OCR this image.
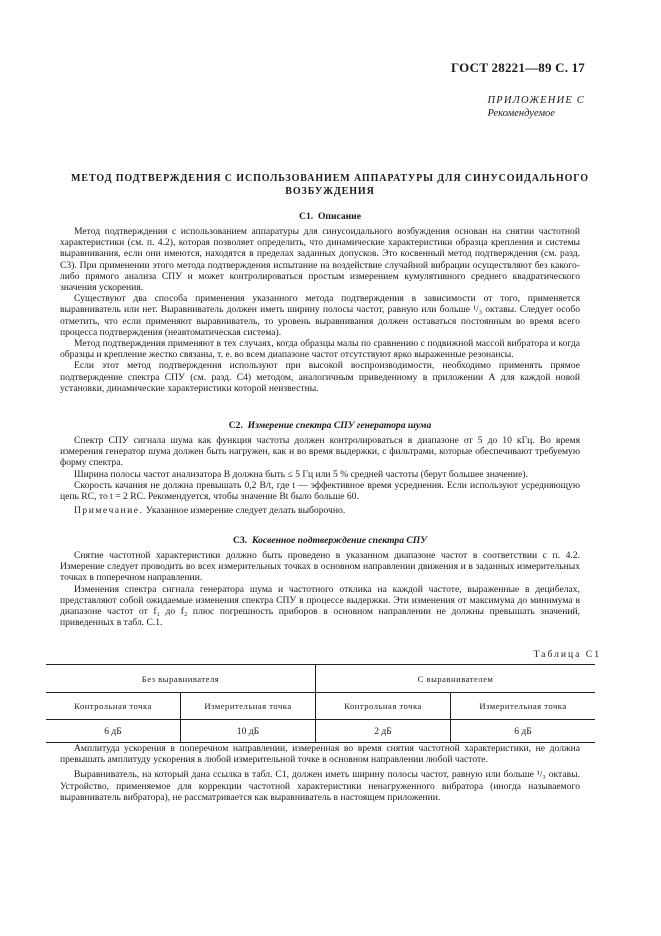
ГОСТ 28221—89 С. 17
ПРИЛОЖЕНИЕ С
Рекомендуемое
МЕТОД ПОДТВЕРЖДЕНИЯ С ИСПОЛЬЗОВАНИЕМ АППАРАТУРЫ ДЛЯ СИНУСОИДАЛЬНОГО
ВОЗБУЖДЕНИЯ
С1. Описание

Метод подтверждения с использованием аппаратуры для синусоидального возбуждения основан на снятии частотной характеристики (см. п. 4.2), которая позволяет определить, что динамические характеристики образца крепления и системы выравнивания, если они имеются, находятся в пределах заданных допусков. Это косвенный метод подтверждения (см. разд. С3). При применении этого метода подтверждения испытание на воздействие случайной вибрации осуществляют без какого-либо прямого анализа СПУ и может контролироваться простым измерением кумулятивного среднего квадратического значения ускорения.

Существуют два способа применения указанного метода подтверждения в зависимости от того, применяется выравниватель или нет. Выравниватель должен иметь ширину полосы частот, равную или больше ¹/₃ октавы. Следует особо отметить, что если применяют выравниватель, то уровень выравнивания должен оставаться постоянным во время всего процесса подтверждения (неавтоматическая система).

Метод подтверждения применяют в тех случаях, когда образцы малы по сравнению с подвижной массой вибратора и когда образцы и крепление жестко связаны, т. е. во всем диапазоне частот отсутствуют ярко выраженные резонансы.

Если этот метод подтверждения используют при высокой воспроизводимости, необходимо применять прямое подтверждение спектра СПУ (см. разд. С4) методом, аналогичным приведенному в приложении А для каждой новой установки, динамические характеристики которой неизвестны.

С2. Измерение спектра СПУ генератора шума

Спектр СПУ сигнала шума как функция частоты должен контролироваться в диапазоне от 5 до 10 кГц. Во время измерения генератор шума должен быть нагружен, как и во время выдержки, с фильтрами, которые обеспечивают требуемую форму спектра.

Ширина полосы частот анализатора B должна быть ≤ 5 Гц или 5 % средней частоты (берут большее значение).

Скорость качания не должна превышать 0,2 B/t, где t — эффективное время усреднения. Если используют усредняющую цепь RC, то t = 2 RC. Рекомендуется, чтобы значение Bt было больше 60.

Примечание. Указанное измерение следует делать выборочно.

С3. Косвенное подтверждение спектра СПУ

Снятие частотной характеристики должно быть проведено в указанном диапазоне частот в соответствии с п. 4.2. Измерение следует проводить во всех измерительных точках в основном направлении движения и в заданных измерительных точках в поперечном направлении.

Изменения спектра сигнала генератора шума и частотного отклика на каждой частоте, выраженные в децибелах, представляют собой ожидаемые изменения спектра СПУ в процессе выдержки. Эти изменения от максимума до минимума в диапазоне частот от f₁ до f₂ плюс погрешность приборов в основном направлении не должны превышать значений, приведенных в табл. С.1.

Таблица С1
Без выравнивателя		С выравнивателем	
Контрольная точка	Измерительная точка	Контрольная точка	Измерительная точка
6 дБ	10 дБ	2 дБ	6 дБ

Амплитуда ускорения в поперечном направлении, измеренная во время снятия частотной характеристики, не должна превышать амплитуду ускорения в любой измерительной точке в основном направлении любой частоте.

Выравниватель, на который дана ссылка в табл. С1, должен иметь ширину полосы частот, равную или больше ¹/₃ октавы. Устройство, применяемое для коррекции частотной характеристики ненагруженного вибратора (иногда называемого выравниватель вибратора), не рассматривается как выравниватель в настоящем приложении.
